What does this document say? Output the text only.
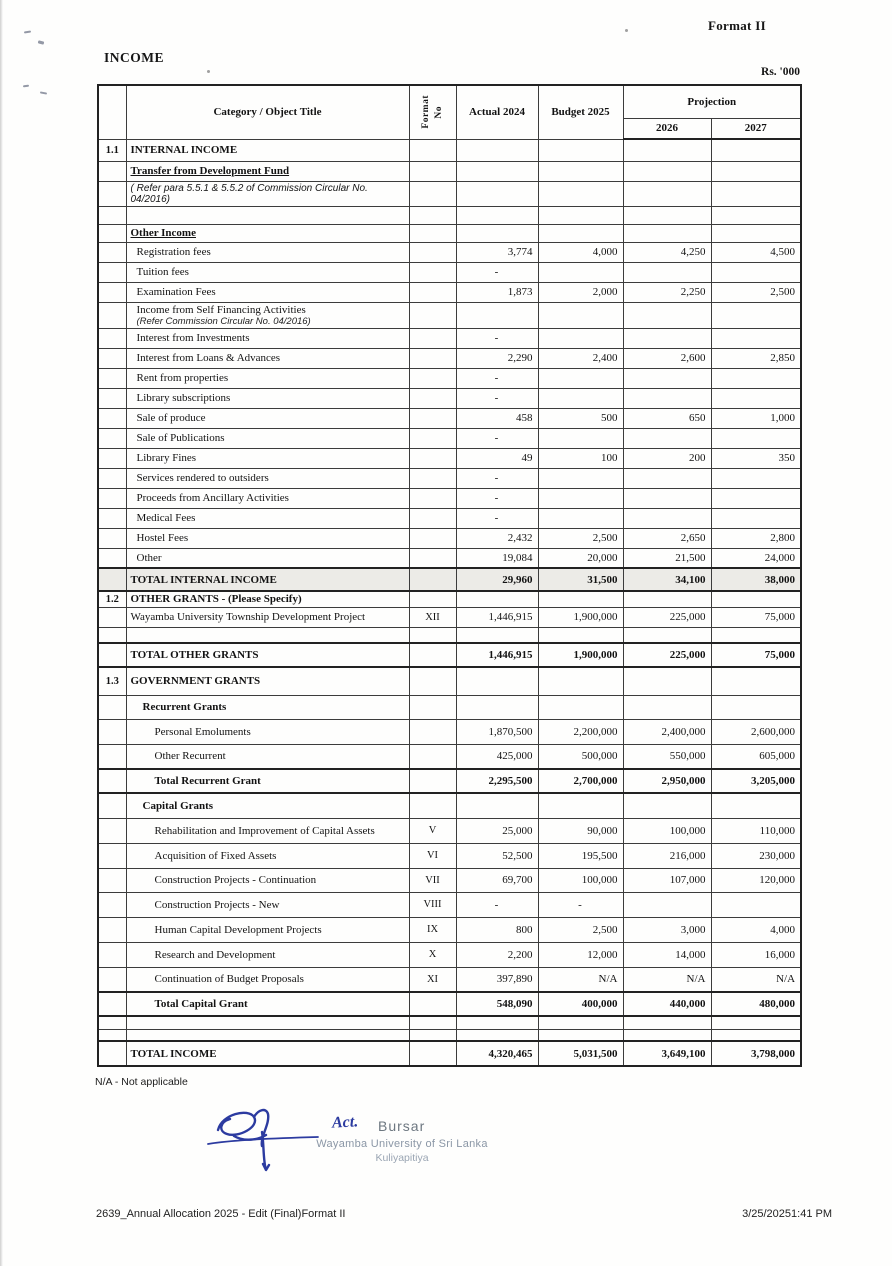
Format II
INCOME
Rs. '000
	Category / Object Title	Format No	Actual 2024	Budget 2025	Projection	
					2026	2027
1.1	INTERNAL INCOME					
	Transfer from Development Fund					
	( Refer para 5.5.1 & 5.5.2 of Commission Circular No. 04/2016)					

	Other Income					
	Registration fees		3,774	4,000	4,250	4,500
	Tuition fees		-			
	Examination Fees		1,873	2,000	2,250	2,500
	Income from Self Financing Activities
(Refer Commission Circular No. 04/2016)					

	Interest from Investments		-			
	Interest from Loans & Advances		2,290	2,400	2,600	2,850
	Rent from properties		-			
	Library subscriptions		-			
	Sale of produce		458	500	650	1,000
	Sale of Publications		-			
	Library Fines		49	100	200	350
	Services rendered to outsiders		-			
	Proceeds from Ancillary Activities		-			
	Medical Fees		-			
	Hostel Fees		2,432	2,500	2,650	2,800
	Other		19,084	20,000	21,500	24,000
	TOTAL INTERNAL INCOME		29,960	31,500	34,100	38,000
1.2	OTHER GRANTS - (Please Specify)					
	Wayamba University Township Development Project	XII	1,446,915	1,900,000	225,000	75,000

	TOTAL OTHER GRANTS		1,446,915	1,900,000	225,000	75,000
1.3	GOVERNMENT GRANTS					
	Recurrent Grants					
	Personal Emoluments		1,870,500	2,200,000	2,400,000	2,600,000
	Other Recurrent		425,000	500,000	550,000	605,000
	Total Recurrent Grant		2,295,500	2,700,000	2,950,000	3,205,000
	Capital Grants					
	Rehabilitation and Improvement of Capital Assets	V	25,000	90,000	100,000	110,000
	Acquisition of Fixed Assets	VI	52,500	195,500	216,000	230,000
	Construction Projects - Continuation	VII	69,700	100,000	107,000	120,000
	Construction Projects - New	VIII	-	-		
	Human Capital Development Projects	IX	800	2,500	3,000	4,000
	Research and Development	X	2,200	12,000	14,000	16,000
	Continuation of Budget Proposals	XI	397,890	N/A	N/A	N/A
	Total Capital Grant		548,090	400,000	440,000	480,000

	TOTAL INCOME		4,320,465	5,031,500	3,649,100	3,798,000
N/A - Not applicable
Act. Bursar
Wayamba University of Sri Lanka
Kuliyapitiya
2639_Annual Allocation 2025 - Edit (Final)Format II	3/25/20251:41 PM
